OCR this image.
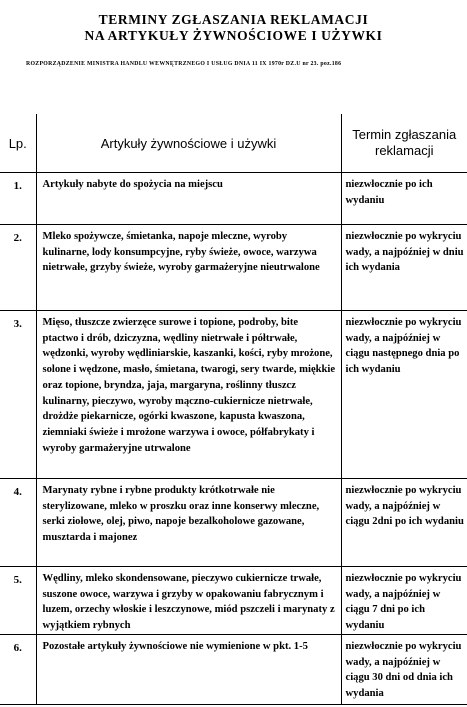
TERMINY ZGŁASZANIA REKLAMACJI
NA ARTYKUŁY ŻYWNOŚCIOWE I UŻYWKI
ROZPORZĄDZENIE MINISTRA HANDLU WEWNĘTRZNEGO I USŁUG DNIA 11 IX 1970r DZ.U nr 23. poz.186
Lp.	Artykuły żywnościowe i używki	Termin zgłaszania reklamacji
1.	Artykuły nabyte do spożycia na miejscu	niezwłocznie po ich wydaniu
2.	Mleko spożywcze, śmietanka, napoje mleczne, wyroby kulinarne, lody konsumpcyjne, ryby świeże, owoce, warzywa nietrwałe, grzyby świeże, wyroby garmażeryjne nieutrwalone	niezwłocznie po wykryciu wady, a najpóźniej w dniu ich wydania
3.	Mięso, tłuszcze zwierzęce surowe i topione, podroby, bite ptactwo i drób, dziczyzna, wędliny nietrwałe i półtrwałe, wędzonki, wyroby wędliniarskie, kaszanki, kości, ryby mrożone, solone i wędzone, masło, śmietana, twarogi, sery twarde, miękkie oraz topione, bryndza, jaja, margaryna, roślinny tłuszcz kulinarny, pieczywo, wyroby mączno-cukiernicze nietrwałe, drożdże piekarnicze, ogórki kwaszone, kapusta kwaszona, ziemniaki świeże i mrożone warzywa i owoce, półfabrykaty i wyroby garmażeryjne utrwalone	niezwłocznie po wykryciu wady, a najpóźniej w ciągu następnego dnia po ich wydaniu
4.	Marynaty rybne i rybne produkty krótkotrwałe nie sterylizowane, mleko w proszku oraz inne konserwy mleczne, serki ziołowe, olej, piwo, napoje bezalkoholowe gazowane, musztarda i majonez	niezwłocznie po wykryciu wady, a najpóźniej w ciągu 2dni po ich wydaniu
5.	Wędliny, mleko skondensowane, pieczywo cukiernicze trwałe, suszone owoce, warzywa i grzyby w opakowaniu fabrycznym i luzem, orzechy włoskie i leszczynowe, miód pszczeli i marynaty z wyjątkiem rybnych	niezwłocznie po wykryciu wady, a najpóźniej w ciągu 7 dni po ich wydaniu
6.	Pozostałe artykuły żywnościowe nie wymienione w pkt. 1-5	niezwłocznie po wykryciu wady, a najpóźniej w ciągu 30 dni od dnia ich wydania
